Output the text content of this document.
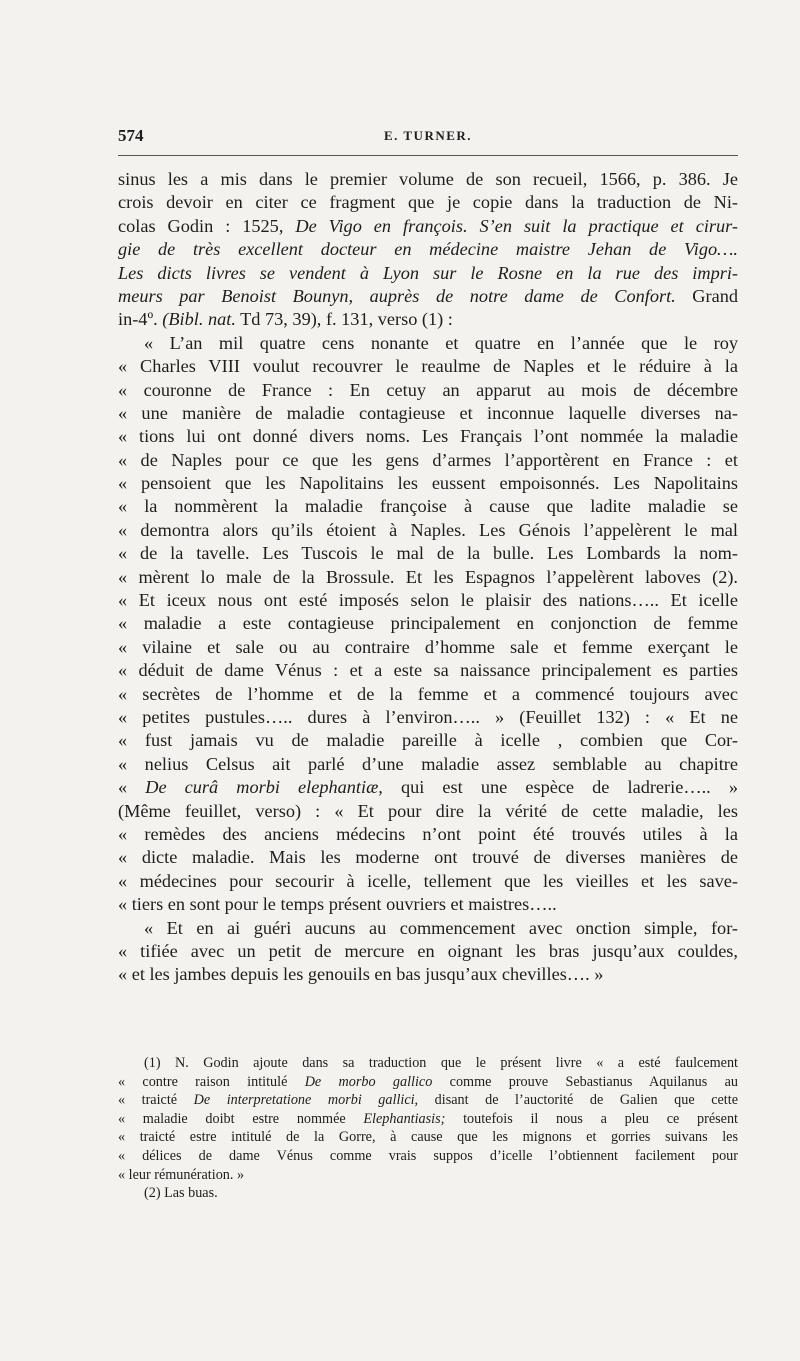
574	E. TURNER.
sinus les a mis dans le premier volume de son recueil, 1566, p. 386. Je
crois devoir en citer ce fragment que je copie dans la traduction de Ni-
colas Godin : 1525, De Vigo en françois. S’en suit la practique et cirur-
gie de très excellent docteur en médecine maistre Jehan de Vigo….
Les dicts livres se vendent à Lyon sur le Rosne en la rue des impri-
meurs par Benoist Bounyn, auprès de notre dame de Confort. Grand
in-4º. (Bibl. nat. Td 73, 39), f. 131, verso (1) :
« L’an mil quatre cens nonante et quatre en l’année que le roy
« Charles VIII voulut recouvrer le reaulme de Naples et le réduire à la
« couronne de France : En cetuy an apparut au mois de décembre
« une manière de maladie contagieuse et inconnue laquelle diverses na-
« tions lui ont donné divers noms. Les Français l’ont nommée la maladie
« de Naples pour ce que les gens d’armes l’apportèrent en France : et
« pensoient que les Napolitains les eussent empoisonnés. Les Napolitains
« la nommèrent la maladie françoise à cause que ladite maladie se
« demontra alors qu’ils étoient à Naples. Les Génois l’appelèrent le mal
« de la tavelle. Les Tuscois le mal de la bulle. Les Lombards la nom-
« mèrent lo male de la Brossule. Et les Espagnos l’appelèrent laboves (2).
« Et iceux nous ont esté imposés selon le plaisir des nations….. Et icelle
« maladie a este contagieuse principalement en conjonction de femme
« vilaine et sale ou au contraire d’homme sale et femme exerçant le
« déduit de dame Vénus : et a este sa naissance principalement es parties
« secrètes de l’homme et de la femme et a commencé toujours avec
« petites pustules….. dures à l’environ….. » (Feuillet 132) : « Et ne
« fust jamais vu de maladie pareille à icelle , combien que Cor-
« nelius Celsus ait parlé d’une maladie assez semblable au chapitre
« De curâ morbi elephantiæ, qui est une espèce de ladrerie….. »
(Même feuillet, verso) : « Et pour dire la vérité de cette maladie, les
« remèdes des anciens médecins n’ont point été trouvés utiles à la
« dicte maladie. Mais les moderne ont trouvé de diverses manières de
« médecines pour secourir à icelle, tellement que les vieilles et les save-
« tiers en sont pour le temps présent ouvriers et maistres…..
« Et en ai guéri aucuns au commencement avec onction simple, for-
« tifiée avec un petit de mercure en oignant les bras jusqu’aux couldes,
« et les jambes depuis les genouils en bas jusqu’aux chevilles…. »
(1) N. Godin ajoute dans sa traduction que le présent livre « a esté faulcement
« contre raison intitulé De morbo gallico comme prouve Sebastianus Aquilanus au
« traicté De interpretatione morbi gallici, disant de l’auctorité de Galien que cette
« maladie doibt estre nommée Elephantiasis; toutefois il nous a pleu ce présent
« traicté estre intitulé de la Gorre, à cause que les mignons et gorries suivans les
« délices de dame Vénus comme vrais suppos d’icelle l’obtiennent facilement pour
« leur rémunération. »
(2) Las buas.
